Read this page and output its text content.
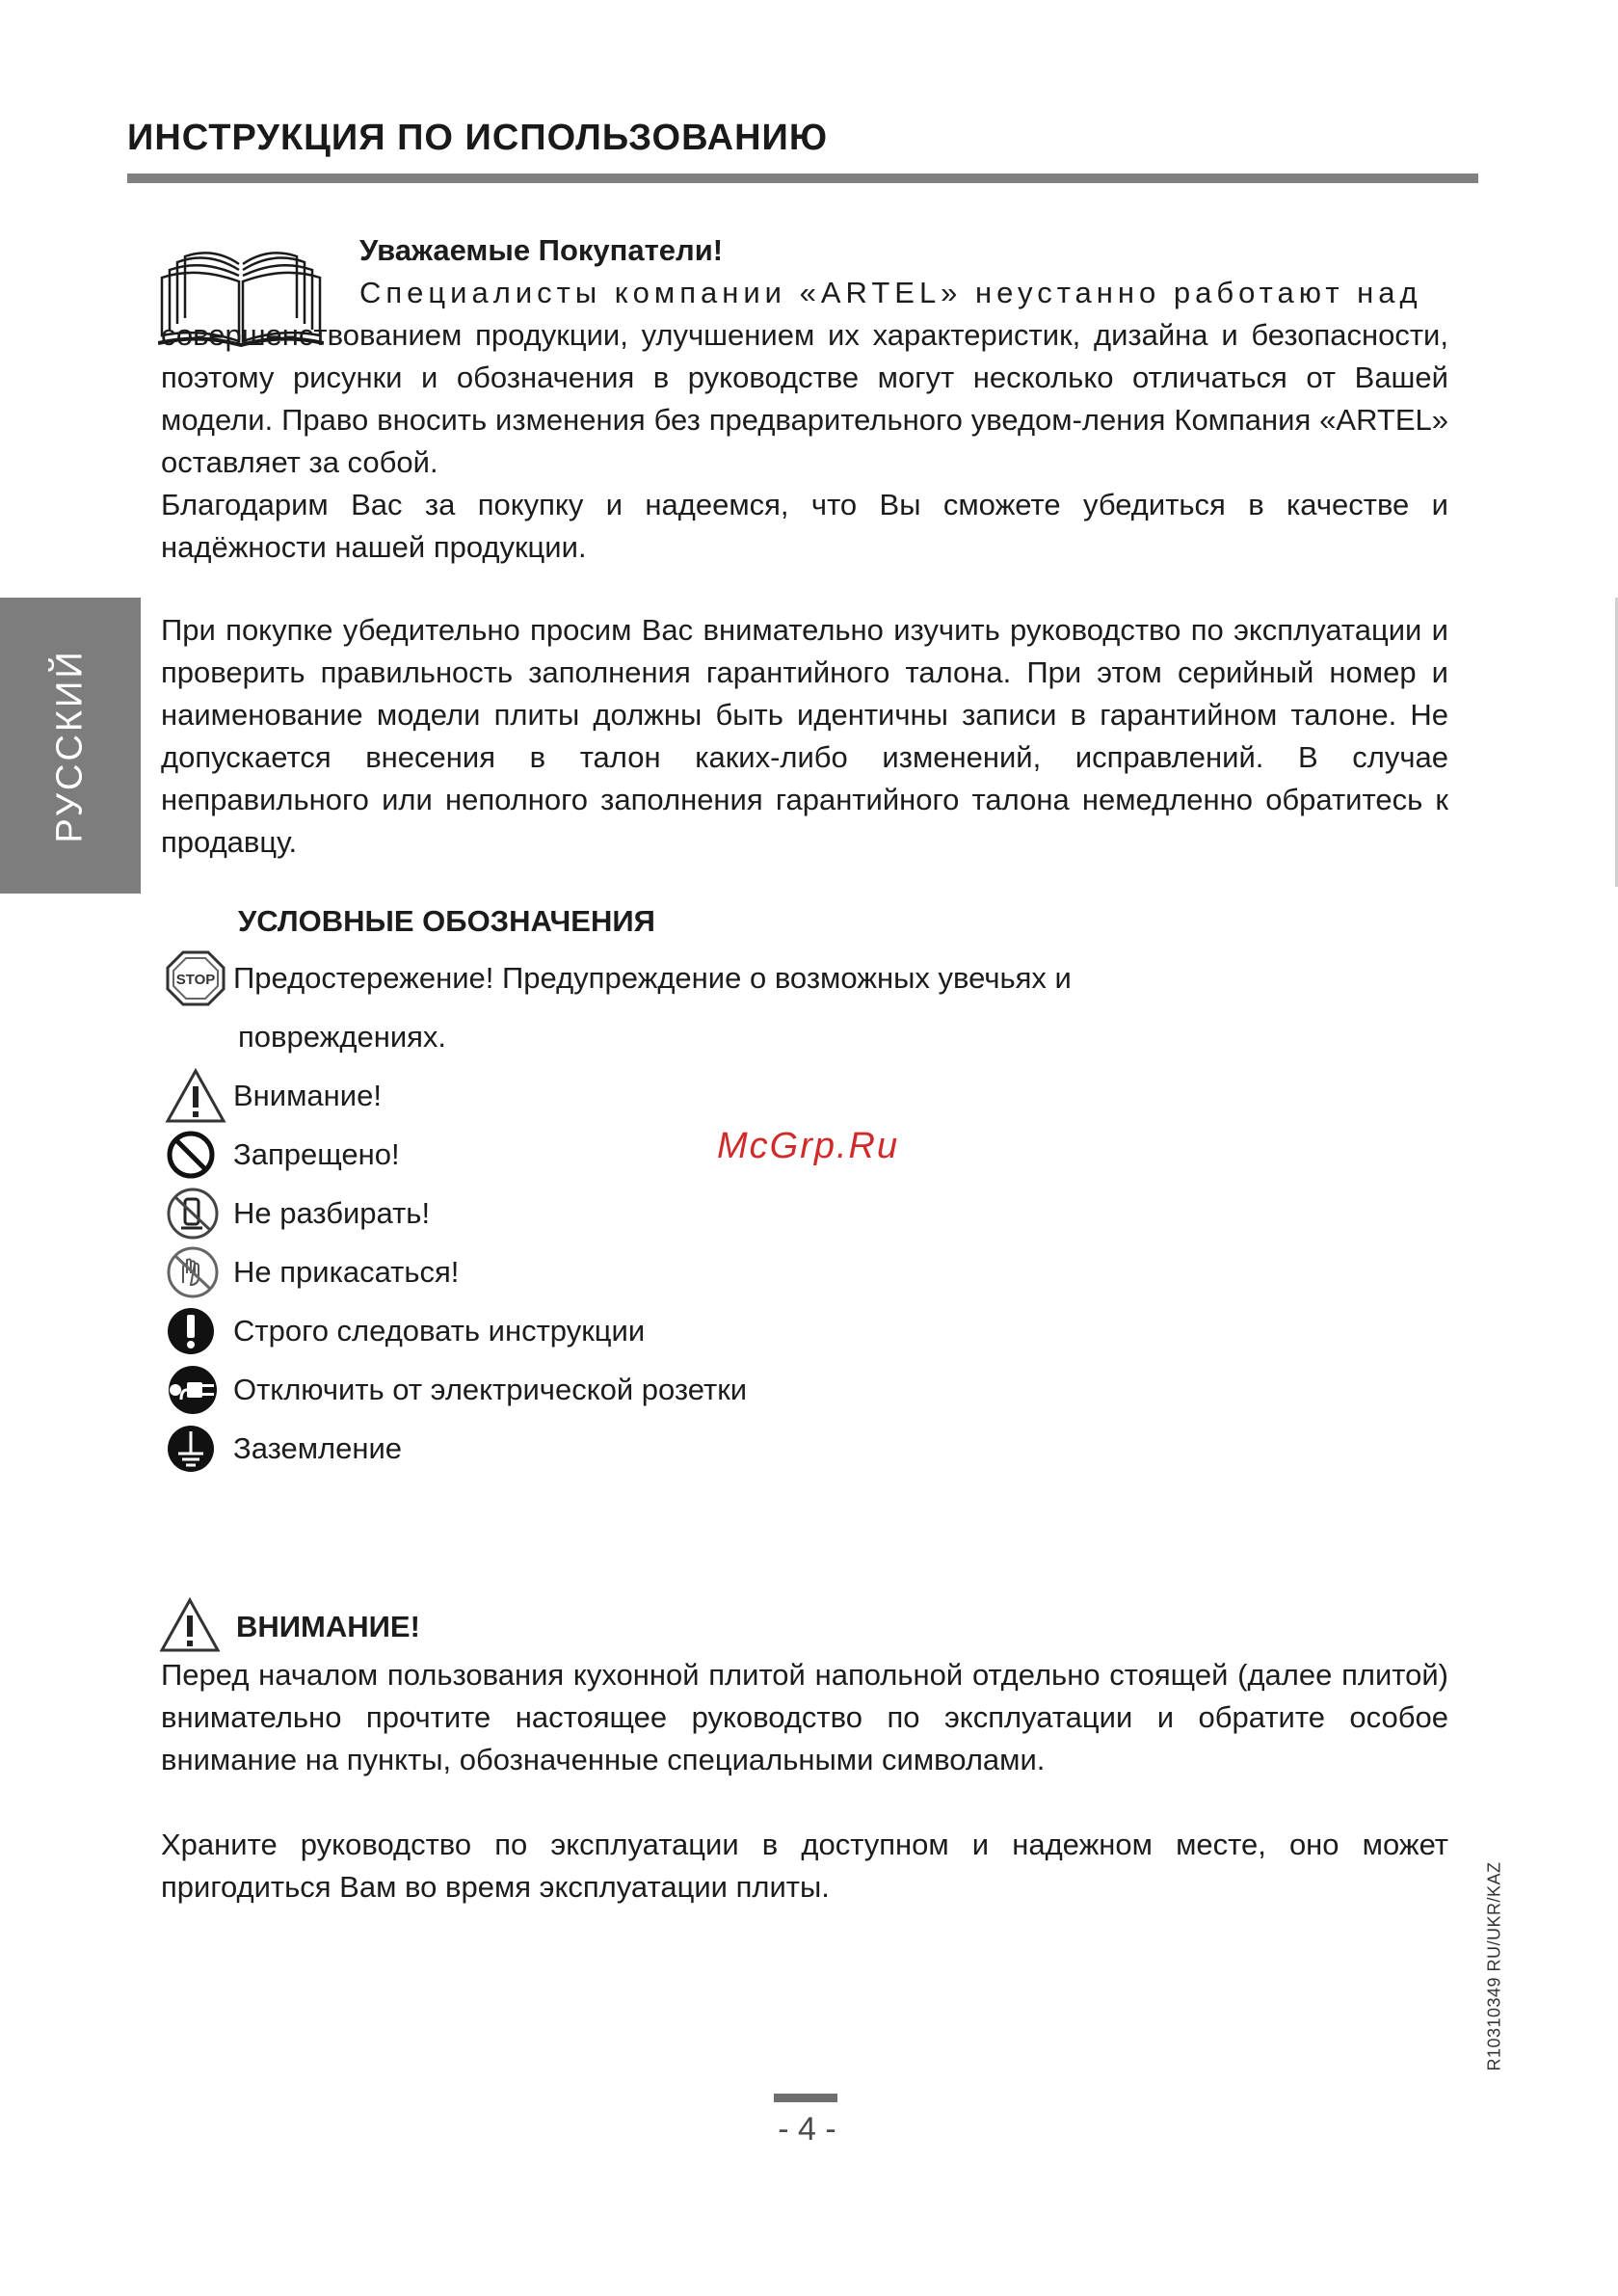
ИНСТРУКЦИЯ ПО ИСПОЛЬЗОВАНИЮ
РУССКИЙ
Уважаемые Покупатели!
Специалисты компании «ARTEL» неустанно работают над

совершенствованием продукции, улучшением их характеристик, дизайна и безопасности, поэтому рисунки и обозначения в руководстве могут несколько отличаться от Вашей модели. Право вносить изменения без предварительного уведом-ления Компания «ARTEL» оставляет за собой.

Благодарим Вас за покупку и надеемся, что Вы сможете убедиться в качестве и надёжности нашей продукции.

При покупке убедительно просим Вас внимательно изучить руководство по эксплуатации и проверить правильность заполнения гарантийного талона. При этом серийный номер и наименование модели плиты должны быть идентичны записи в гарантийном талоне. Не допускается внесения в талон каких-либо изменений, исправлений. В случае неправильного или неполного заполнения гарантийного талона немедленно обратитесь к продавцу.

УСЛОВНЫЕ ОБОЗНАЧЕНИЯ
STOP Предостережение! Предупреждение о возможных увечьях и
повреждениях.
Внимание!
Запрещено!
Не разбирать!
Не прикасаться!
Строго следовать инструкции
Отключить от электрической розетки
Заземление
McGrp.Ru
ВНИМАНИЕ!

Перед началом пользования кухонной плитой напольной отдельно стоящей (далее плитой) внимательно прочтите настоящее руководство по эксплуатации и обратите особое внимание на пункты, обозначенные специальными символами.

Храните руководство по эксплуатации в доступном и надежном месте, оно может пригодиться Вам во время эксплуатации плиты.	R10310349 RU/UKR/KAZ
- 4 -
